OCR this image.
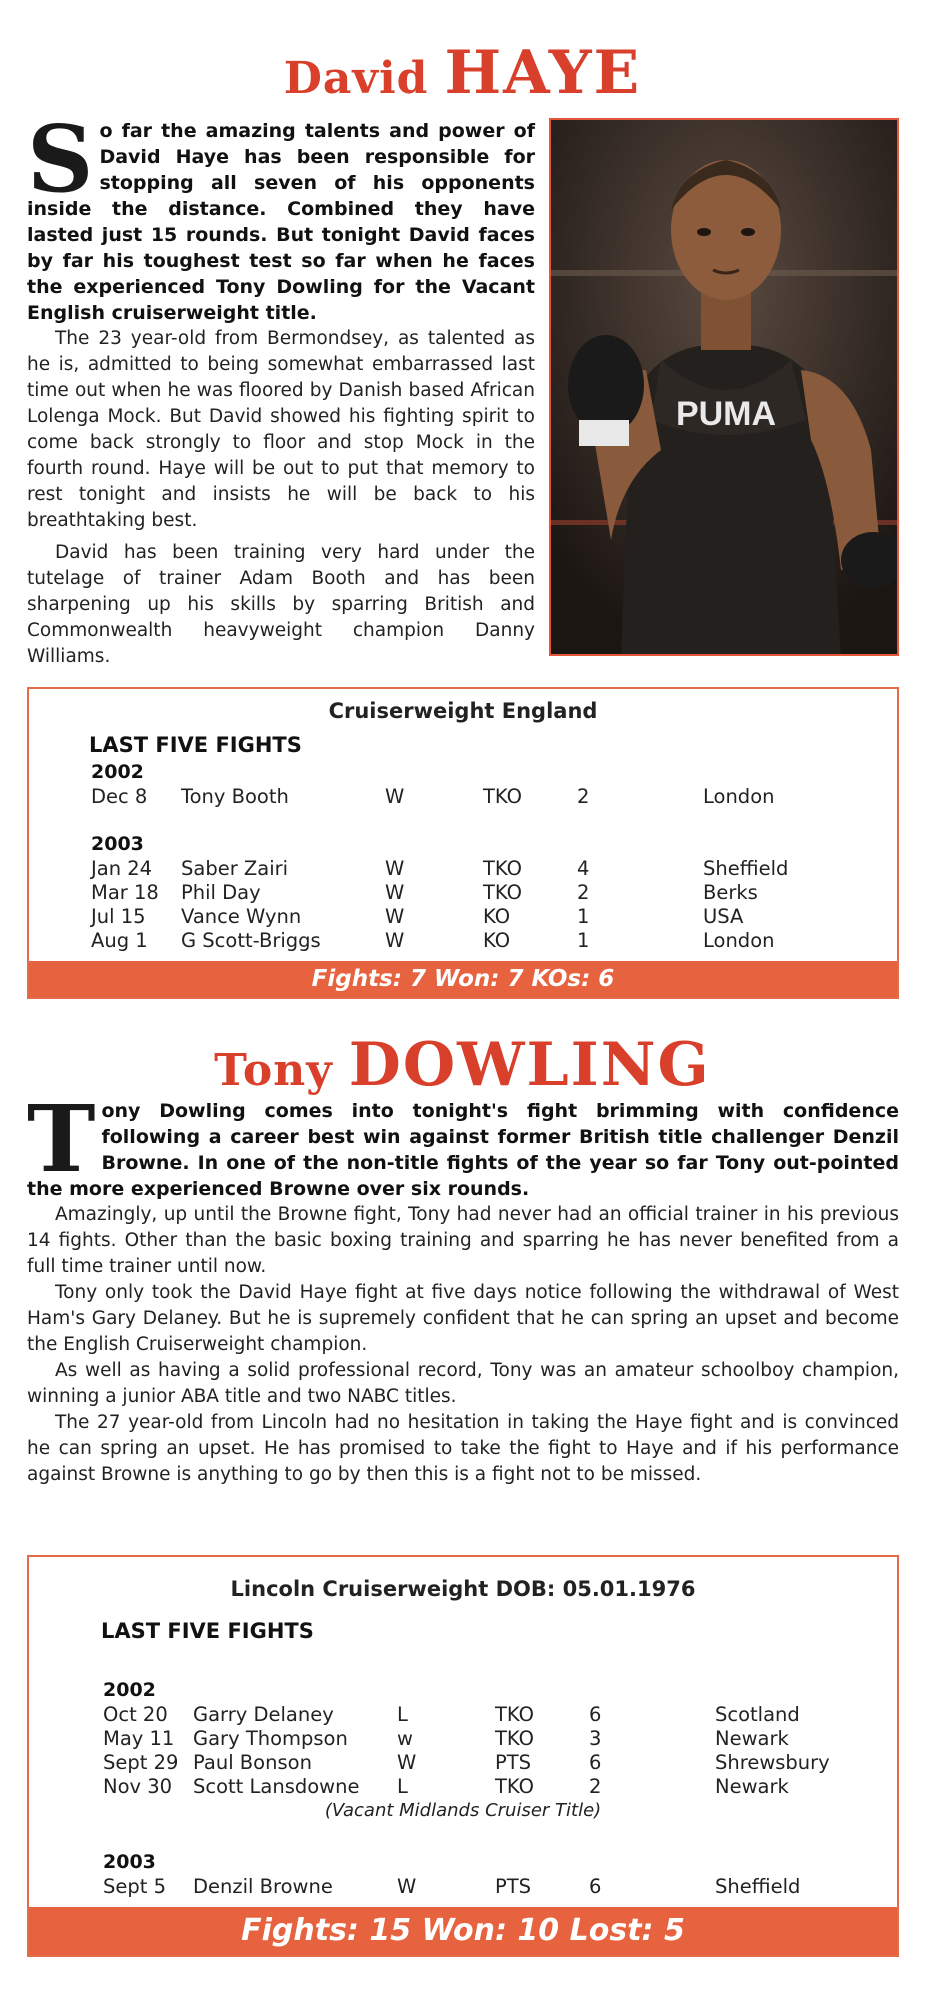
David HAYE

So far the amazing talents and power of David Haye has been responsible for stopping all seven of his opponents inside the distance. Combined they have lasted just 15 rounds. But tonight David faces by far his toughest test so far when he faces the experienced Tony Dowling for the Vacant English cruiserweight title.

The 23 year-old from Bermondsey, as talented as he is, admitted to being somewhat embarrassed last time out when he was floored by Danish based African Lolenga Mock. But David showed his fighting spirit to come back strongly to floor and stop Mock in the fourth round. Haye will be out to put that memory to rest tonight and insists he will be back to his breathtaking best.

David has been training very hard under the tutelage of trainer Adam Booth and has been sharpening up his skills by sparring British and Commonwealth heavyweight champion Danny Williams.

PUMA
Cruiserweight England
LAST FIVE FIGHTS
2002
Dec 8 Tony Booth	W	TKO	2	London
2003
Jan 24 Saber Zairi	W	TKO	4	Sheffield
Mar 18 Phil Day	W	TKO	2	Berks
Jul 15 Vance Wynn	W	KO	1	USA
Aug 1 G Scott-Briggs	W	KO	1	London
Fights: 7 Won: 7 KOs: 6
Tony DOWLING

Tony Dowling comes into tonight's fight brimming with confidence following a career best win against former British title challenger Denzil Browne. In one of the non-title fights of the year so far Tony out-pointed the more experienced Browne over six rounds.

Amazingly, up until the Browne fight, Tony had never had an official trainer in his previous 14 fights. Other than the basic boxing training and sparring he has never benefited from a full time trainer until now.

Tony only took the David Haye fight at five days notice following the withdrawal of West Ham's Gary Delaney. But he is supremely confident that he can spring an upset and become the English Cruiserweight champion.

As well as having a solid professional record, Tony was an amateur schoolboy champion, winning a junior ABA title and two NABC titles.

The 27 year-old from Lincoln had no hesitation in taking the Haye fight and is convinced he can spring an upset. He has promised to take the fight to Haye and if his performance against Browne is anything to go by then this is a fight not to be missed.

Lincoln Cruiserweight DOB: 05.01.1976
LAST FIVE FIGHTS
2002
Oct 20 Garry Delaney	L	TKO	6	Scotland
May 11 Gary Thompson	w	TKO	3	Newark
Sept 29 Paul Bonson	W	PTS	6	Shrewsbury
Nov 30 Scott Lansdowne L	TKO	2	Newark
(Vacant Midlands Cruiser Title)
2003
Sept 5 Denzil Browne	W	PTS	6	Sheffield
Fights: 15 Won: 10 Lost: 5
